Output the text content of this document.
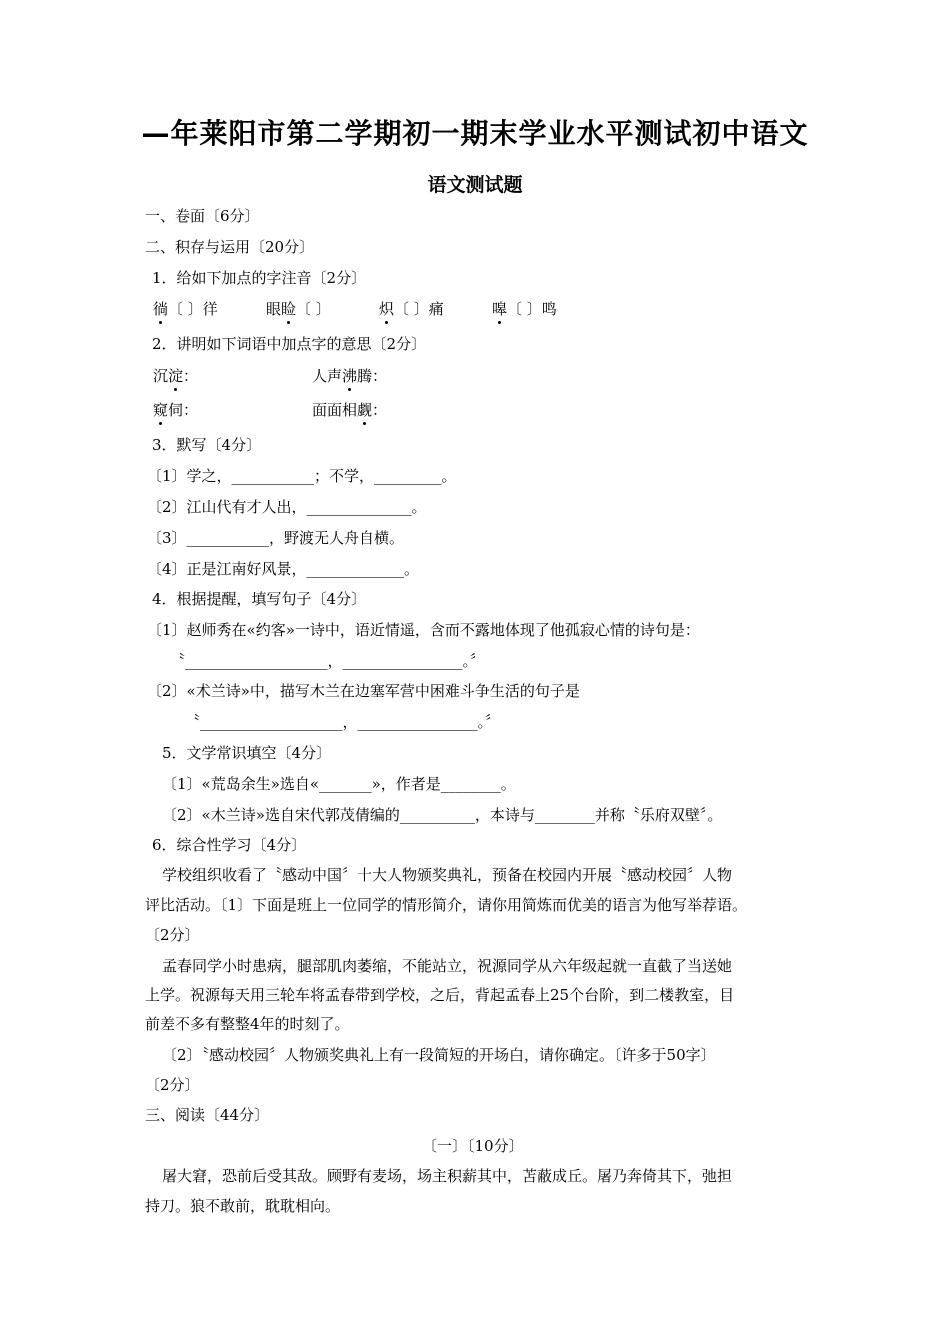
—年莱阳市第二学期初一期末学业水平测试初中语文
语文测试题
一、卷面〔6分〕
二、积存与运用〔20分〕
1．给如下加点的字注音〔2分〕
徜〔 〕徉	眼睑〔 〕	炽〔 〕痛	嗥〔 〕鸣
2．讲明如下词语中加点字的意思〔2分〕
沉淀：	人声沸腾：
窥伺：	面面相觑：
3．默写〔4分〕
〔1〕学之，___________；不学，_________。
〔2〕江山代有才人出，______________。
〔3〕___________，野渡无人舟自横。
〔4〕正是江南好风景，_____________。
4．根据提醒，填写句子〔4分〕
〔1〕赵师秀在«约客»一诗中，语近情遥，含而不露地体现了他孤寂心情的诗句是：
〝___________________，________________。〞
〔2〕«术兰诗»中，描写木兰在边塞军营中困难斗争生活的句子是
〝___________________，________________。〞
5．文学常识填空〔4分〕
〔1〕«荒岛余生»选自«_______»，作者是________。
〔2〕«木兰诗»选自宋代郭茂倩编的__________，本诗与________并称〝乐府双壁〞。
6．综合性学习〔4分〕
学校组织收看了〝感动中国〞十大人物颁奖典礼，预备在校园内开展〝感动校园〞人物
评比活动。〔1〕下面是班上一位同学的情形简介，请你用简炼而优美的语言为他写举荐语。
〔2分〕
孟春同学小时患病，腿部肌肉萎缩，不能站立，祝源同学从六年级起就一直截了当送她
上学。祝源每天用三轮车将孟春带到学校，之后，背起孟春上25个台阶，到二楼教室，目
前差不多有整整4年的时刻了。
〔2〕〝感动校园〞人物颁奖典礼上有一段简短的开场白，请你确定。〔许多于50字〕
〔2分〕
三、阅读〔44分〕
〔一〕〔10分〕
屠大窘，恐前后受其敌。顾野有麦场，场主积薪其中，苫蔽成丘。屠乃奔倚其下，弛担
持刀。狼不敢前，耽耽相向。
